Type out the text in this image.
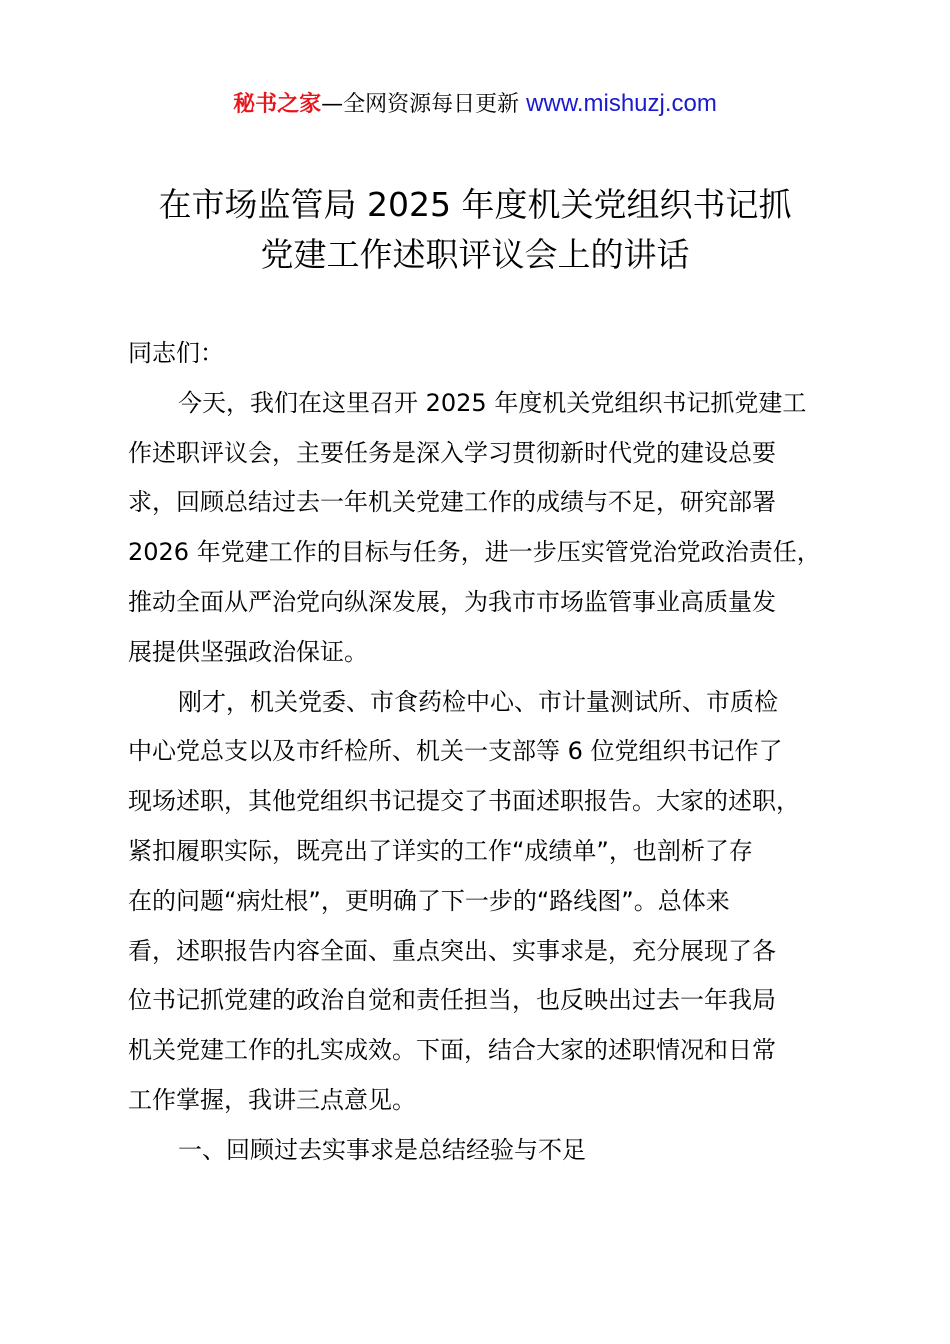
秘书之家—全网资源每日更新 www.mishuzj.com
在市场监管局 2025 年度机关党组织书记抓
党建工作述职评议会上的讲话
同志们：
今天，我们在这里召开 2025 年度机关党组织书记抓党建工
作述职评议会，主要任务是深入学习贯彻新时代党的建设总要
求，回顾总结过去一年机关党建工作的成绩与不足，研究部署
2026 年党建工作的目标与任务，进一步压实管党治党政治责任，
推动全面从严治党向纵深发展，为我市市场监管事业高质量发
展提供坚强政治保证。
刚才，机关党委、市食药检中心、市计量测试所、市质检
中心党总支以及市纤检所、机关一支部等 6 位党组织书记作了
现场述职，其他党组织书记提交了书面述职报告。大家的述职，
紧扣履职实际，既亮出了详实的工作“成绩单”，也剖析了存
在的问题“病灶根”，更明确了下一步的“路线图”。总体来
看，述职报告内容全面、重点突出、实事求是，充分展现了各
位书记抓党建的政治自觉和责任担当，也反映出过去一年我局
机关党建工作的扎实成效。下面，结合大家的述职情况和日常
工作掌握，我讲三点意见。
一、回顾过去实事求是总结经验与不足
